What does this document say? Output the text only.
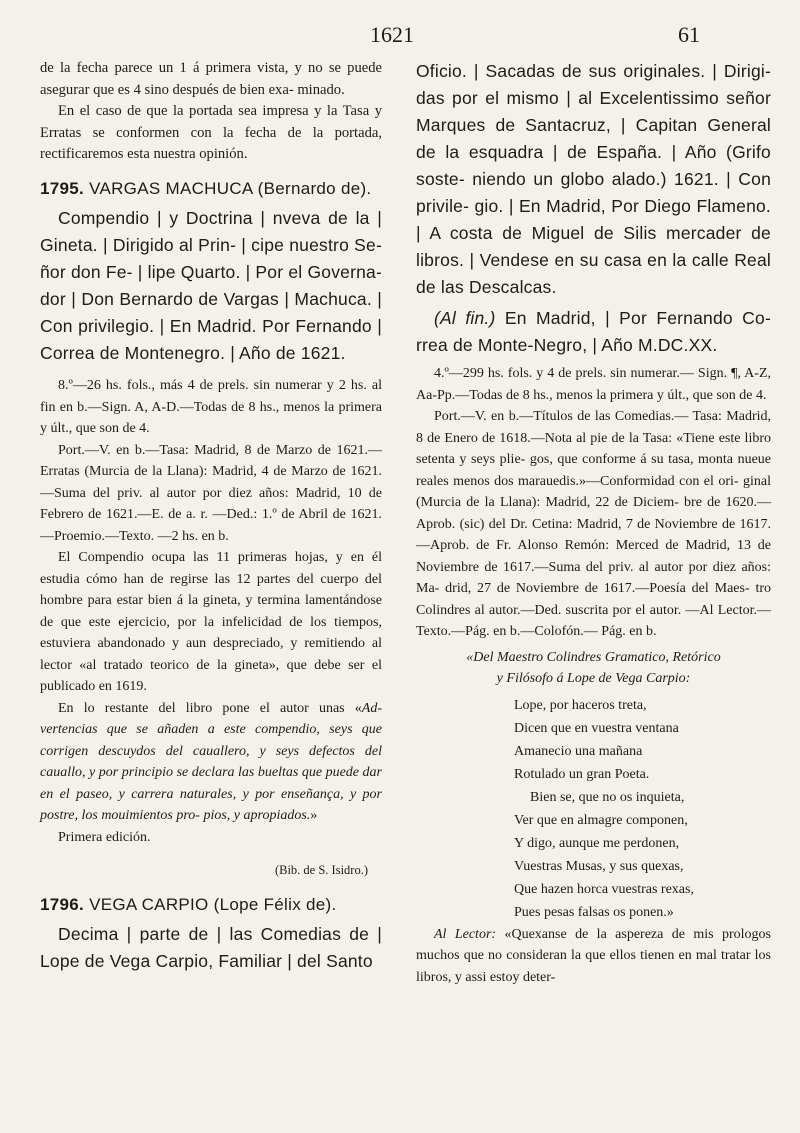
1621	61

de la fecha parece un 1 á primera vista, y no se puede asegurar que es 4 sino después de bien exa- minado.

En el caso de que la portada sea impresa y la Tasa y Erratas se conformen con la fecha de la portada, rectificaremos esta nuestra opinión.

1795. VARGAS MACHUCA (Bernardo de).

Compendio | y Doctrina | nveva de la | Gineta. | Dirigido al Prin- | cipe nuestro Se- ñor don Fe- | lipe Quarto. | Por el Governa- dor | Don Bernardo de Vargas | Machuca. | Con privilegio. | En Madrid. Por Fernando | Correa de Montenegro. | Año de 1621.

8.º—26 hs. fols., más 4 de prels. sin numerar y 2 hs. al fin en b.—Sign. A, A-D.—Todas de 8 hs., menos la primera y últ., que son de 4.

Port.—V. en b.—Tasa: Madrid, 8 de Marzo de 1621.—Erratas (Murcia de la Llana): Madrid, 4 de Marzo de 1621.—Suma del priv. al autor por diez años: Madrid, 10 de Febrero de 1621.—E. de a. r. —Ded.: 1.º de Abril de 1621.—Proemio.—Texto. —2 hs. en b.

El Compendio ocupa las 11 primeras hojas, y en él estudia cómo han de regirse las 12 partes del cuerpo del hombre para estar bien á la gineta, y termina lamentándose de que este ejercicio, por la infelicidad de los tiempos, estuviera abandonado y aun despreciado, y remitiendo al lector «al tratado teorico de la gineta», que debe ser el publicado en 1619.

En lo restante del libro pone el autor unas «Ad- vertencias que se añaden a este compendio, seys que corrigen descuydos del cauallero, y seys defectos del cauallo, y por principio se declara las bueltas que puede dar en el paseo, y carrera naturales, y por enseñança, y por postre, los mouimientos pro- pios, y apropiados.»

Primera edición.

(Bib. de S. Isidro.)

1796. VEGA CARPIO (Lope Félix de).

Decima | parte de | las Comedias de | Lope de Vega Carpio, Familiar | del Santo

Oficio. | Sacadas de sus originales. | Dirigi- das por el mismo | al Excelentissimo señor Marques de Santacruz, | Capitan General de la esquadra | de España. | Año (Grifo soste- niendo un globo alado.) 1621. | Con privile- gio. | En Madrid, Por Diego Flameno. | A costa de Miguel de Silis mercader de libros. | Vendese en su casa en la calle Real de las Descalcas.

(Al fin.) En Madrid, | Por Fernando Co- rrea de Monte-Negro, | Año M.DC.XX.

4.º—299 hs. fols. y 4 de prels. sin numerar.— Sign. ¶, A-Z, Aa-Pp.—Todas de 8 hs., menos la primera y últ., que son de 4.

Port.—V. en b.—Títulos de las Comedias.— Tasa: Madrid, 8 de Enero de 1618.—Nota al pie de la Tasa: «Tiene este libro setenta y seys plie- gos, que conforme á su tasa, monta nueue reales menos dos marauedis.»—Conformidad con el ori- ginal (Murcia de la Llana): Madrid, 22 de Diciem- bre de 1620.—Aprob. (sic) del Dr. Cetina: Madrid, 7 de Noviembre de 1617.—Aprob. de Fr. Alonso Remón: Merced de Madrid, 13 de Noviembre de 1617.—Suma del priv. al autor por diez años: Ma- drid, 27 de Noviembre de 1617.—Poesía del Maes- tro Colindres al autor.—Ded. suscrita por el autor. —Al Lector.—Texto.—Pág. en b.—Colofón.— Pág. en b.

«Del Maestro Colindres Gramatico, Retórico
y Filósofo á Lope de Vega Carpio:

Lope, por haceros treta,
Dicen que en vuestra ventana
Amanecio una mañana
Rotulado un gran Poeta.
Bien se, que no os inquieta,
Ver que en almagre componen,
Y digo, aunque me perdonen,
Vuestras Musas, y sus quexas,
Que hazen horca vuestras rexas,
Pues pesas falsas os ponen.»

Al Lector: «Quexanse de la aspereza de mis prologos muchos que no consideran la que ellos tienen en mal tratar los libros, y assi estoy deter-
